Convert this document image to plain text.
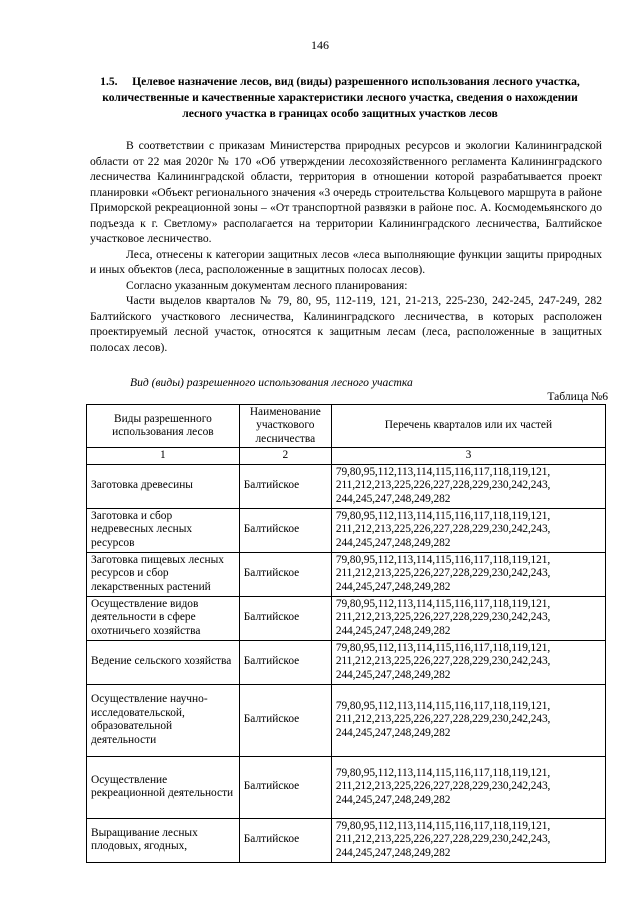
146
1.5. Целевое назначение лесов, вид (виды) разрешенного использования лесного участка, количественные и качественные характеристики лесного участка, сведения о нахождении лесного участка в границах особо защитных участков лесов

В соответствии с приказам Министерства природных ресурсов и экологии Калининградской области от 22 мая 2020г № 170 «Об утверждении лесохозяйственного регламента Калининградского лесничества Калининградской области, территория в отношении которой разрабатывается проект планировки «Объект регионального значения «3 очередь строительства Кольцевого маршрута в районе Приморской рекреационной зоны – «От транспортной развязки в районе пос. А. Космодемьянского до подъезда к г. Светлому» располагается на территории Калининградского лесничества, Балтийское участковое лесничество.

Леса, отнесены к категории защитных лесов «леса выполняющие функции защиты природных и иных объектов (леса, расположенные в защитных полосах лесов).

Согласно указанным документам лесного планирования:

Части выделов кварталов № 79, 80, 95, 112-119, 121, 21-213, 225-230, 242-245, 247-249, 282 Балтийского участкового лесничества, Калининградского лесничества, в которых расположен проектируемый лесной участок, относятся к защитным лесам (леса, расположенные в защитных полосах лесов).

Вид (виды) разрешенного использования лесного участка
Таблица №6
Виды разрешенного использования лесов	Наименование участкового лесничества	Перечень кварталов или их частей
1	2	3
Заготовка древесины	Балтийское	79,80,95,112,113,114,115,116,117,118,119,121, 211,212,213,225,226,227,228,229,230,242,243, 244,245,247,248,249,282
Заготовка и сбор недревесных лесных ресурсов	Балтийское	79,80,95,112,113,114,115,116,117,118,119,121, 211,212,213,225,226,227,228,229,230,242,243, 244,245,247,248,249,282
Заготовка пищевых лесных ресурсов и сбор лекарственных растений	Балтийское	79,80,95,112,113,114,115,116,117,118,119,121, 211,212,213,225,226,227,228,229,230,242,243, 244,245,247,248,249,282
Осуществление видов деятельности в сфере охотничьего хозяйства	Балтийское	79,80,95,112,113,114,115,116,117,118,119,121, 211,212,213,225,226,227,228,229,230,242,243, 244,245,247,248,249,282
Ведение сельского хозяйства	Балтийское	79,80,95,112,113,114,115,116,117,118,119,121, 211,212,213,225,226,227,228,229,230,242,243, 244,245,247,248,249,282
Осуществление научно-исследовательской, образовательной деятельности	Балтийское	79,80,95,112,113,114,115,116,117,118,119,121, 211,212,213,225,226,227,228,229,230,242,243, 244,245,247,248,249,282
Осуществление рекреационной деятельности	Балтийское	79,80,95,112,113,114,115,116,117,118,119,121, 211,212,213,225,226,227,228,229,230,242,243, 244,245,247,248,249,282
Выращивание лесных плодовых, ягодных,	Балтийское	79,80,95,112,113,114,115,116,117,118,119,121, 211,212,213,225,226,227,228,229,230,242,243, 244,245,247,248,249,282
